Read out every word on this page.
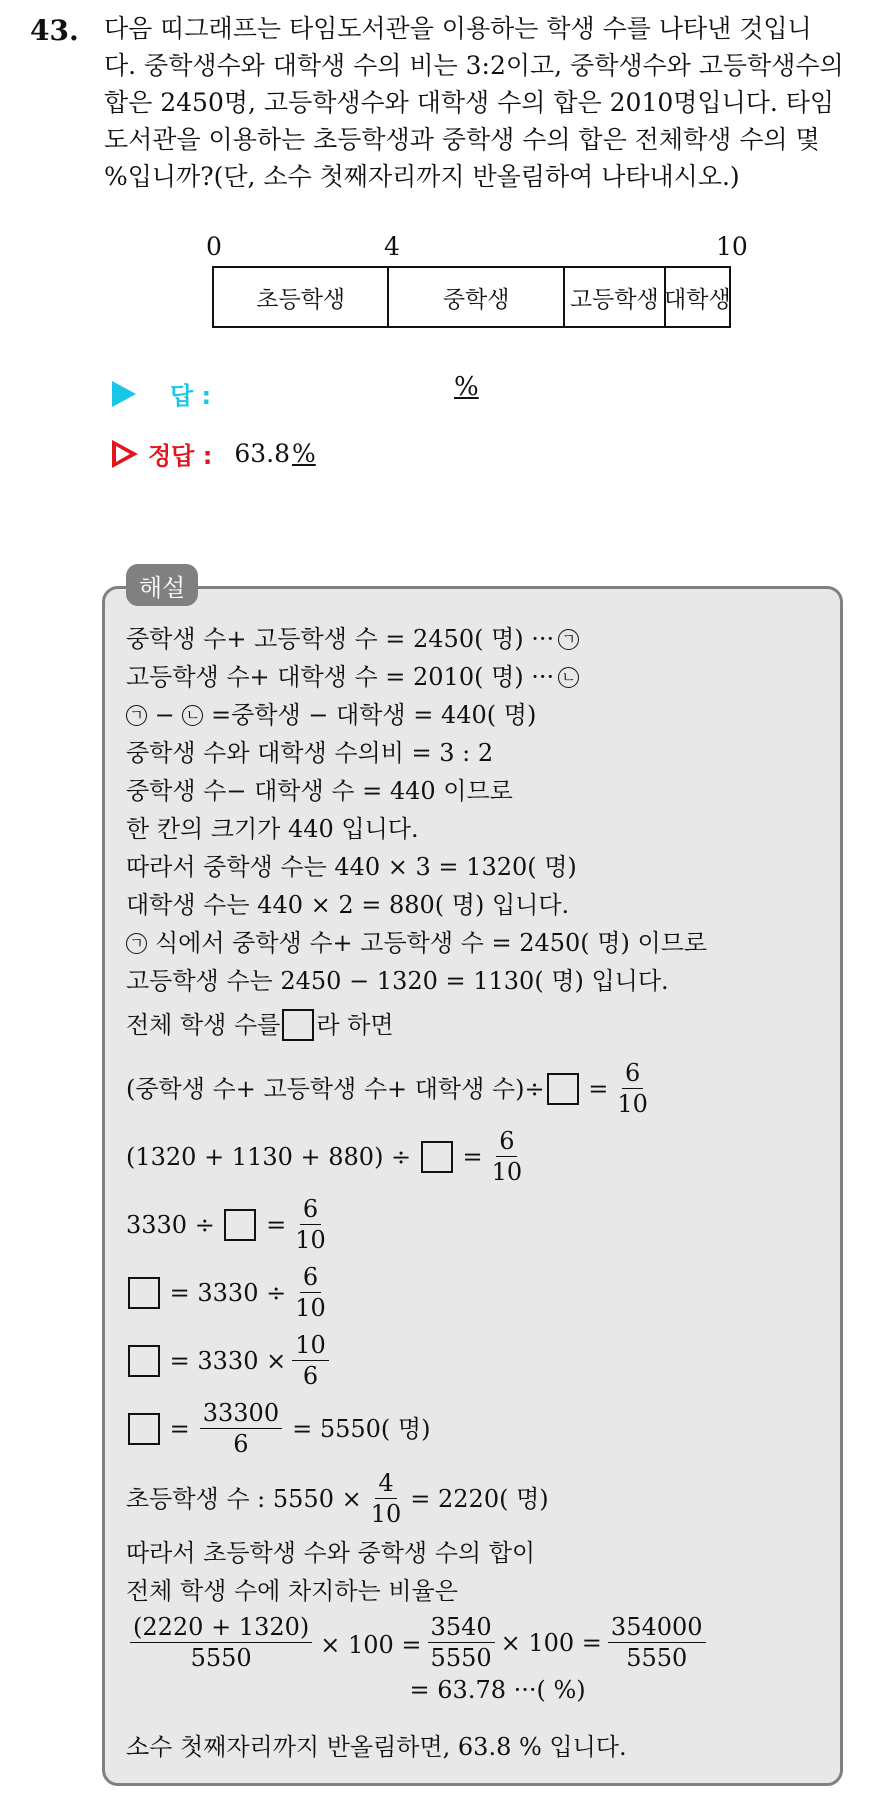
43. 다음 띠그래프는 타임도서관을 이용하는 학생 수를 나타낸 것입니
다. 중학생수와 대학생 수의 비는 3:2이고, 중학생수와 고등학생수의
합은 2450명, 고등학생수와 대학생 수의 합은 2010명입니다. 타임
도서관을 이용하는 초등학생과 중학생 수의 합은 전체학생 수의 몇
%입니까?(단, 소수 첫째자리까지 반올림하여 나타내시오.)
0	4	10
초등학생	중학생	고등학생 대학생
답 :	%
정답 : 63.8%
해설
중학생 수+ 고등학생 수 = 2450( 명) ··· ㄱ
고등학생 수+ 대학생 수 = 2010( 명) ··· ㄴ
ㄱ − ㄴ
=중학생 − 대학생 = 440( 명)
중학생 수와 대학생 수의비 = 3 : 2
중학생 수− 대학생 수 = 440 이므로
한 칸의 크기가 440 입니다.
따라서 중학생 수는 440 × 3 = 1320( 명)
대학생 수는 440 × 2 = 880( 명) 입니다.
ㄱ 식에서 중학생 수+ 고등학생 수 = 2450( 명) 이므로
고등학생 수는 2450 − 1320 = 1130( 명) 입니다.
전체 학생 수를 라 하면
(중학생 수+ 고등학생 수+ 대학생 수)÷
= $\frac{6}{10}$
(1320 + 1130 + 880) ÷

= $\frac{6}{10}$
3330 ÷

= $\frac{6}{10}$

= $3330 \div \frac{6}{10}$

= $3330 \times \frac{10}{6}$

= $\frac{33300}{6} = 5550$( 명)
초등학생 수 : $5550 \times \frac{4}{10} = 2220$( 명)
따라서 초등학생 수와 중학생 수의 합이
전체 학생 수에 차지하는 비율은
$\frac{(2220 + 1320)}{5550} \times 100 = \frac{3540}{5550} \times 100 = \frac{354000}{5550}$
= 63.78 ···( %)
소수 첫째자리까지 반올림하면, 63.8 % 입니다.
